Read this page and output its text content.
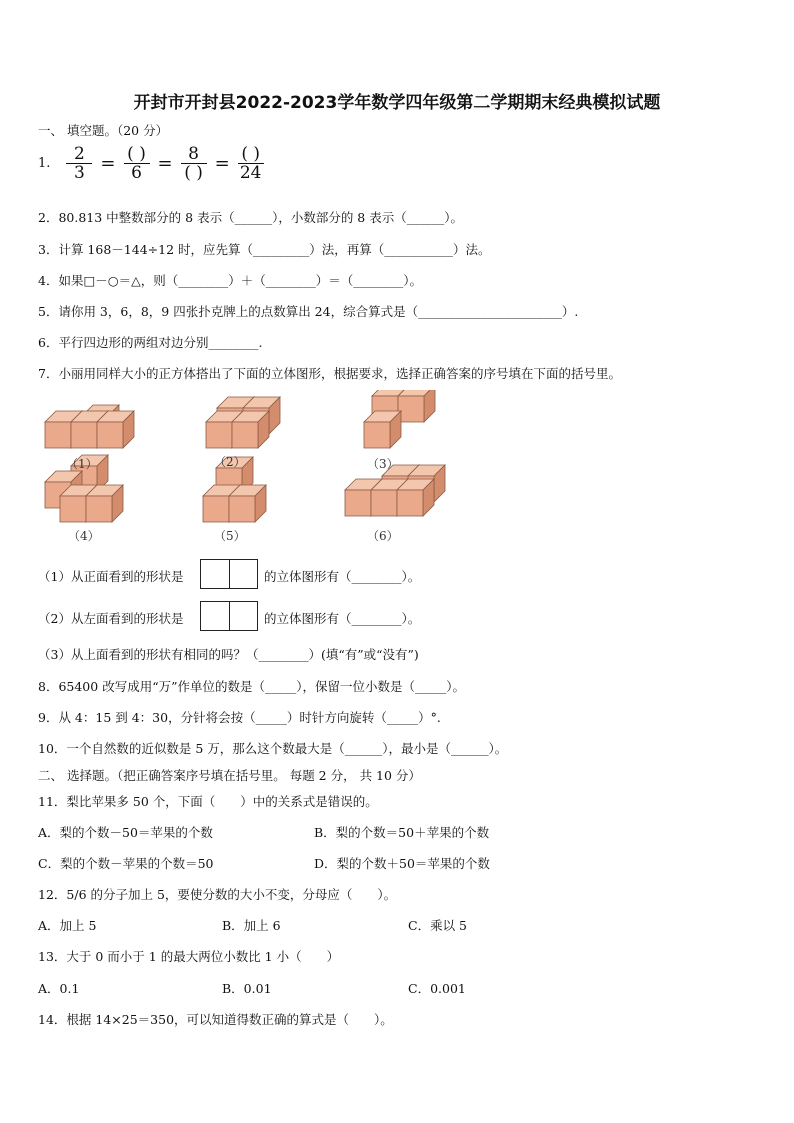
开封市开封县2022-2023学年数学四年级第二学期期末经典模拟试题
一、 填空题。（20 分）
1. $\frac{2}{3} = \frac{( )}{6} = \frac{8}{( )} = \frac{( )}{24}$
2．80.813 中整数部分的 8 表示（______），小数部分的 8 表示（______）。
3．计算 168－144÷12 时，应先算（_________）法，再算（___________）法。
4．如果□－○＝△，则（________）＋（________）＝（________）。
5．请你用 3，6，8，9 四张扑克牌上的点数算出 24，综合算式是（_______________________）.
6．平行四边形的两组对边分别________.
7．小丽用同样大小的正方体搭出了下面的立体图形，根据要求，选择正确答案的序号填在下面的括号里。
（1）	（2）	（3）
（4）	（5）	（6）
（1）从正面看到的形状是	的立体图形有（________）。
（2）从左面看到的形状是	的立体图形有（________）。
（3）从上面看到的形状有相同的吗？（________）(填“有”或“没有”)
8．65400 改写成用“万”作单位的数是（_____），保留一位小数是（_____）。
9．从 4：15 到 4：30，分针将会按（_____）时针方向旋转（_____）°.
10．一个自然数的近似数是 5 万，那么这个数最大是（______），最小是（______）。
二、 选择题。（把正确答案序号填在括号里。 每题 2 分， 共 10 分）
11．梨比苹果多 50 个，下面（　　）中的关系式是错误的。
A．梨的个数－50＝苹果的个数	B．梨的个数＝50＋苹果的个数
C．梨的个数－苹果的个数＝50	D．梨的个数＋50＝苹果的个数
12．5/6 的分子加上 5，要使分数的大小不变，分母应（　　）。
A．加上 5	B．加上 6	C．乘以 5
13．大于 0 而小于 1 的最大两位小数比 1 小（　　）
A．0.1	B．0.01	C．0.001
14．根据 14×25＝350，可以知道得数正确的算式是（　　）。
